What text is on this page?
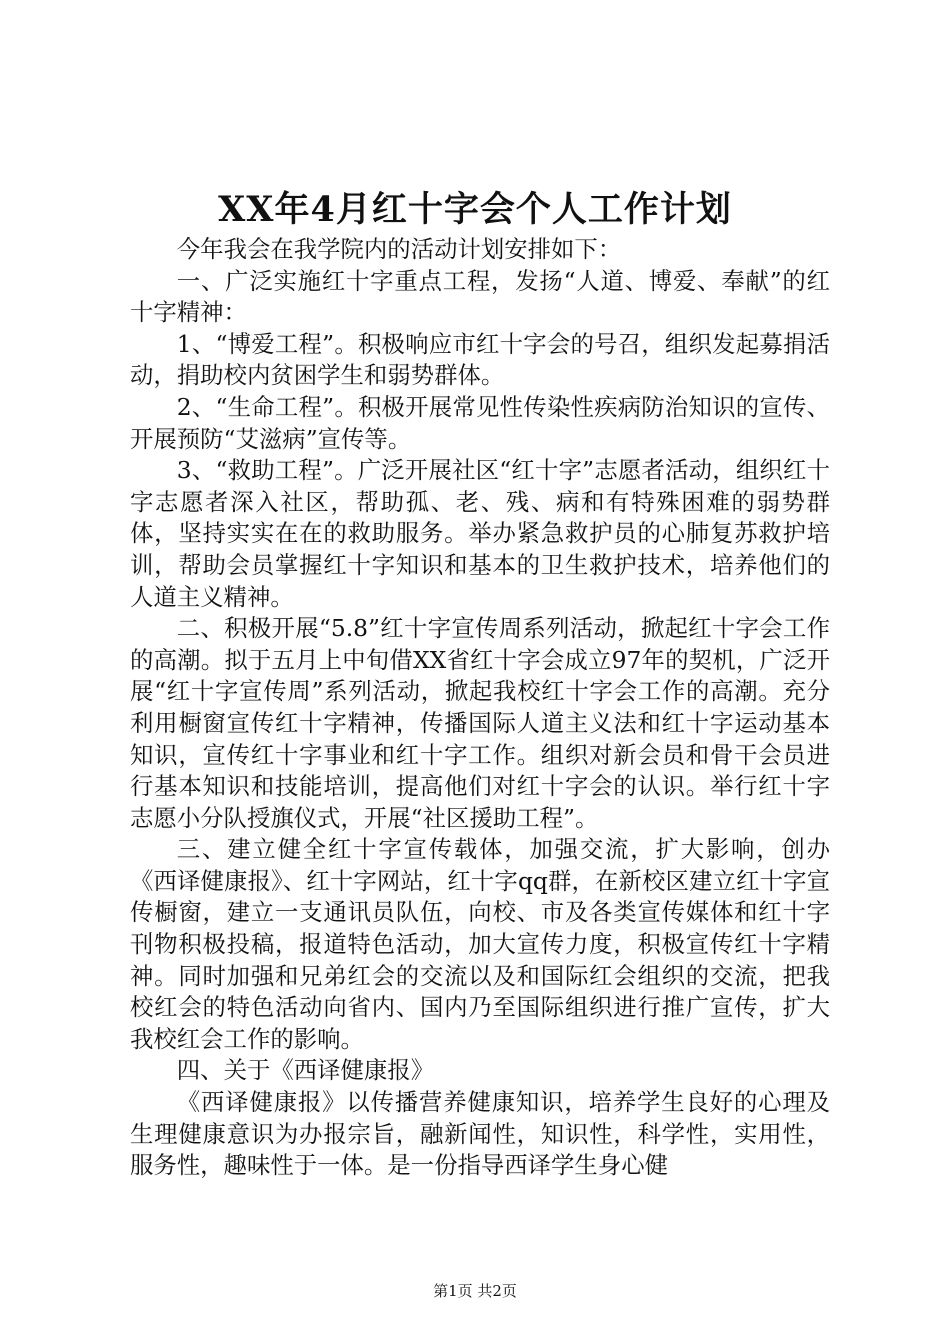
XX年4月红十字会个人工作计划

今年我会在我学院内的活动计划安排如下：

一、广泛实施红十字重点工程，发扬“人道、博爱、奉献”的红十字精神：

1、“博爱工程”。积极响应市红十字会的号召，组织发起募捐活动，捐助校内贫困学生和弱势群体。

2、“生命工程”。积极开展常见性传染性疾病防治知识的宣传、开展预防“艾滋病”宣传等。

3、“救助工程”。广泛开展社区“红十字”志愿者活动，组织红十字志愿者深入社区，帮助孤、老、残、病和有特殊困难的弱势群体，坚持实实在在的救助服务。举办紧急救护员的心肺复苏救护培训，帮助会员掌握红十字知识和基本的卫生救护技术，培养他们的人道主义精神。

二、积极开展“5.8”红十字宣传周系列活动，掀起红十字会工作的高潮。拟于五月上中旬借XX省红十字会成立97年的契机，广泛开展“红十字宣传周”系列活动，掀起我校红十字会工作的高潮。充分利用橱窗宣传红十字精神，传播国际人道主义法和红十字运动基本知识，宣传红十字事业和红十字工作。组织对新会员和骨干会员进行基本知识和技能培训，提高他们对红十字会的认识。举行红十字志愿小分队授旗仪式，开展“社区援助工程”。

三、建立健全红十字宣传载体，加强交流，扩大影响，创办《西译健康报》、红十字网站，红十字qq群，在新校区建立红十字宣传橱窗，建立一支通讯员队伍，向校、市及各类宣传媒体和红十字刊物积极投稿，报道特色活动，加大宣传力度，积极宣传红十字精神。同时加强和兄弟红会的交流以及和国际红会组织的交流，把我校红会的特色活动向省内、国内乃至国际组织进行推广宣传，扩大我校红会工作的影响。

四、关于《西译健康报》

《西译健康报》以传播营养健康知识，培养学生良好的心理及生理健康意识为办报宗旨，融新闻性，知识性，科学性，实用性，服务性，趣味性于一体。是一份指导西译学生身心健

第1页 共2页
